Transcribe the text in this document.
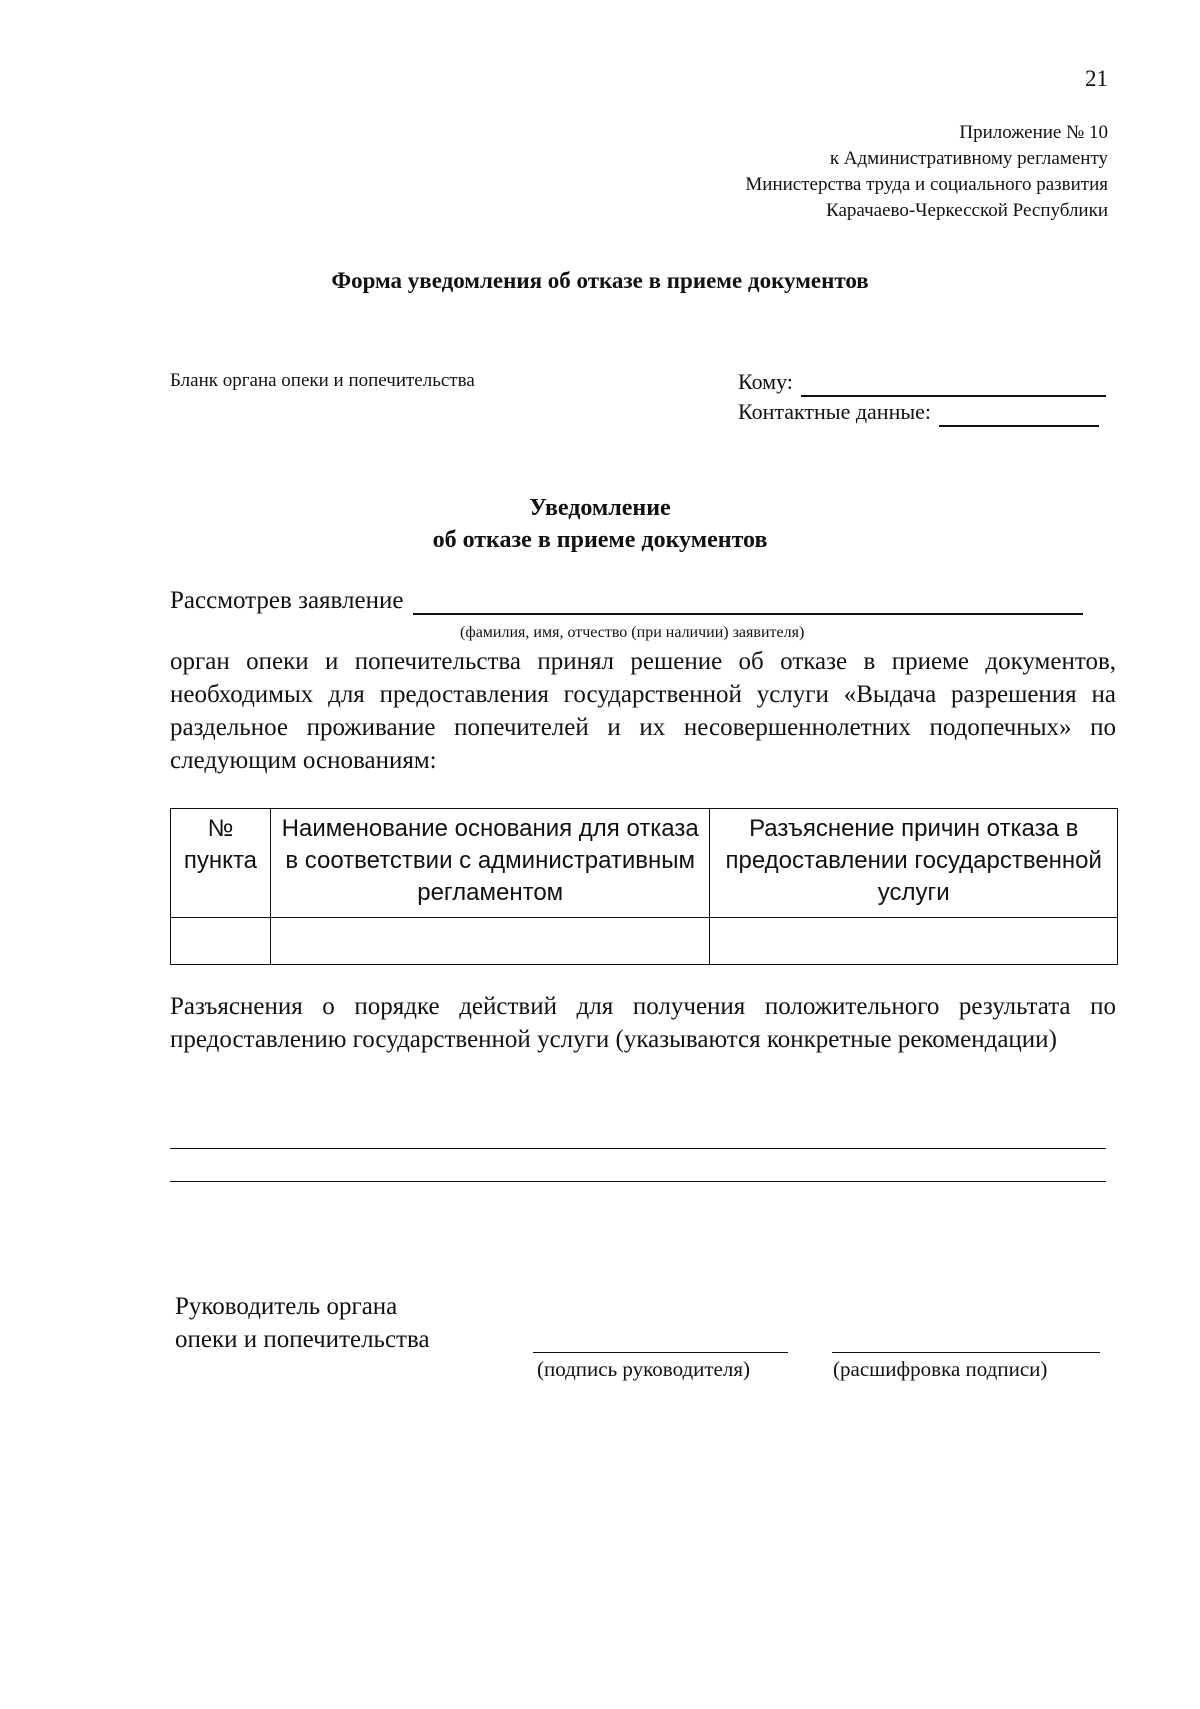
21
Приложение № 10
к Административному регламенту
Министерства труда и социального развития
Карачаево-Черкесской Республики
Форма уведомления об отказе в приеме документов
Бланк органа опеки и попечительства	Кому:
Контактные данные:
Уведомление
об отказе в приеме документов
Рассмотрев заявление
(фамилия, имя, отчество (при наличии) заявителя)
орган опеки и попечительства принял решение об отказе в приеме документов, необходимых для предоставления государственной услуги «Выдача разрешения на раздельное проживание попечителей и их несовершеннолетних подопечных» по следующим основаниям:
№ пункта	Наименование основания для отказа в соответствии с административным регламентом	Разъяснение причин отказа в предоставлении государственной услуги

Разъяснения о порядке действий для получения положительного результата по предоставлению государственной услуги (указываются конкретные рекомендации)
Руководитель органа
опеки и попечительства
(подпись руководителя)	(расшифровка подписи)
